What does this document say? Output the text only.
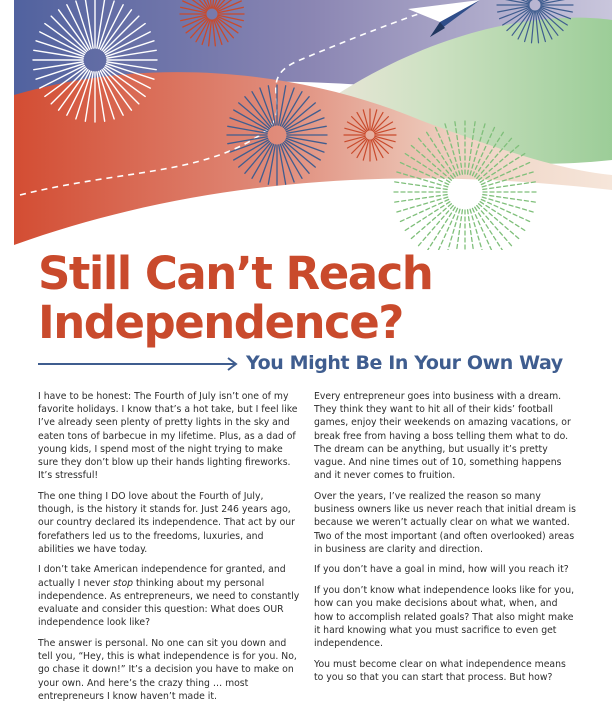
Still Can’t Reach
Independence?
You Might Be In Your Own Way

I have to be honest: The Fourth of July isn’t one of my favorite holidays. I know that’s a hot take, but I feel like I’ve already seen plenty of pretty lights in the sky and eaten tons of barbecue in my lifetime. Plus, as a dad of young kids, I spend most of the night trying to make sure they don’t blow up their hands lighting fireworks. It’s stressful!

The one thing I DO love about the Fourth of July, though, is the history it stands for. Just 246 years ago, our country declared its independence. That act by our forefathers led us to the freedoms, luxuries, and abilities we have today.

I don’t take American independence for granted, and actually I never stop thinking about my personal independence. As entrepreneurs, we need to constantly evaluate and consider this question: What does OUR independence look like?

The answer is personal. No one can sit you down and tell you, “Hey, this is what independence is for you. No, go chase it down!” It’s a decision you have to make on your own. And here’s the crazy thing … most entrepreneurs I know haven’t made it.

Every entrepreneur goes into business with a dream. They think they want to hit all of their kids’ football games, enjoy their weekends on amazing vacations, or break free from having a boss telling them what to do. The dream can be anything, but usually it’s pretty vague. And nine times out of 10, something happens and it never comes to fruition.

Over the years, I’ve realized the reason so many business owners like us never reach that initial dream is because we weren’t actually clear on what we wanted. Two of the most important (and often overlooked) areas in business are clarity and direction.

If you don’t have a goal in mind, how will you reach it?

If you don’t know what independence looks like for you, how can you make decisions about what, when, and how to accomplish related goals? That also might make it hard knowing what you must sacrifice to even get independence.

You must become clear on what independence means to you so that you can start that process. But how?
